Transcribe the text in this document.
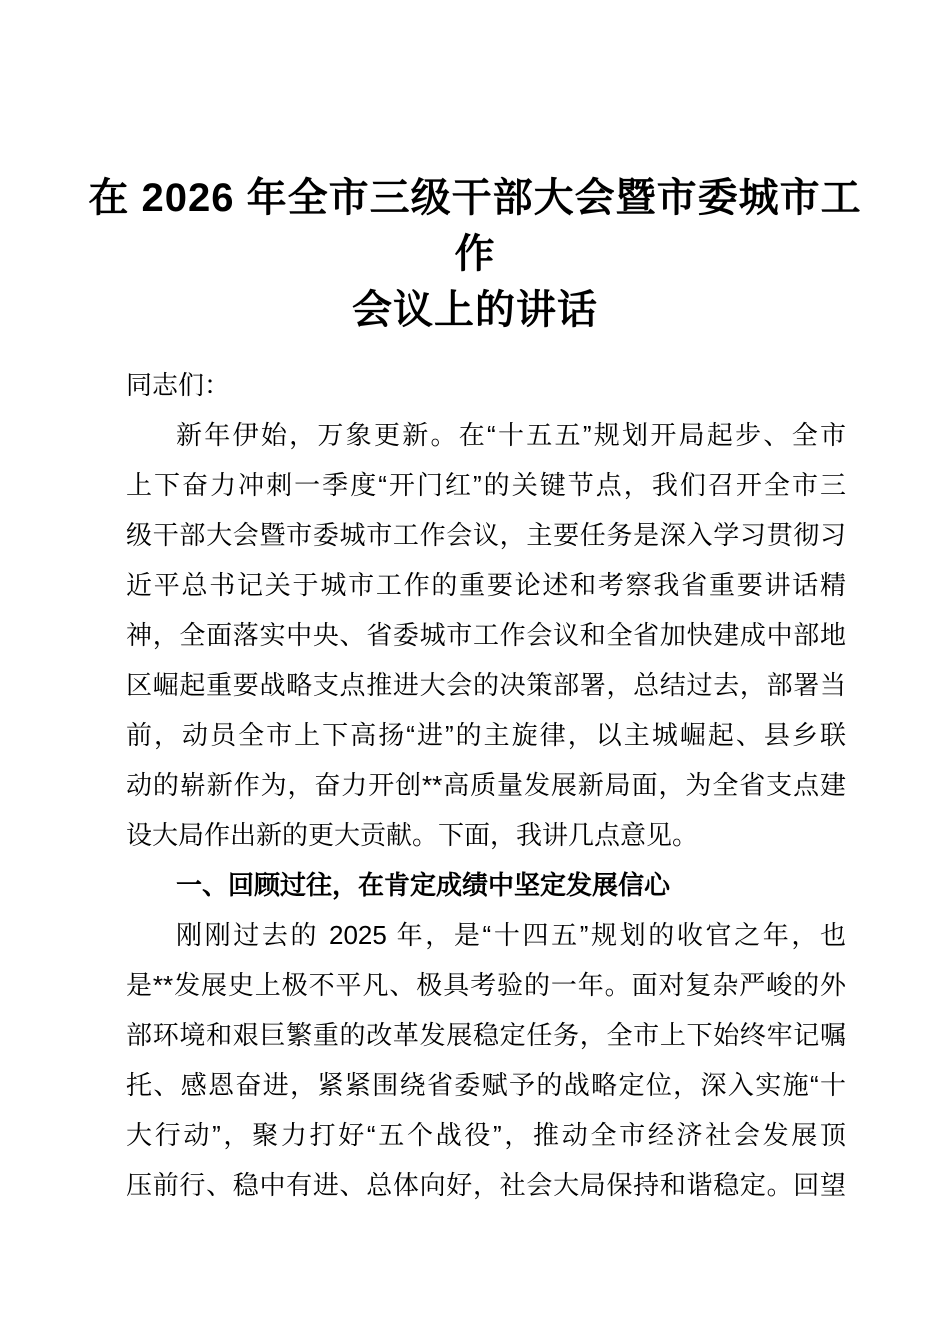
在 2026 年全市三级干部大会暨市委城市工作
会议上的讲话
同志们：
新年伊始，万象更新。在“十五五”规划开局起步、全市
上下奋力冲刺一季度“开门红”的关键节点，我们召开全市三
级干部大会暨市委城市工作会议，主要任务是深入学习贯彻习
近平总书记关于城市工作的重要论述和考察我省重要讲话精
神，全面落实中央、省委城市工作会议和全省加快建成中部地
区崛起重要战略支点推进大会的决策部署，总结过去，部署当
前，动员全市上下高扬“进”的主旋律，以主城崛起、县乡联
动的崭新作为，奋力开创**高质量发展新局面，为全省支点建
设大局作出新的更大贡献。下面，我讲几点意见。
一、回顾过往，在肯定成绩中坚定发展信心
刚刚过去的 2025 年，是“十四五”规划的收官之年，也
是**发展史上极不平凡、极具考验的一年。面对复杂严峻的外
部环境和艰巨繁重的改革发展稳定任务，全市上下始终牢记嘱
托、感恩奋进，紧紧围绕省委赋予的战略定位，深入实施“十
大行动”，聚力打好“五个战役”，推动全市经济社会发展顶
压前行、稳中有进、总体向好，社会大局保持和谐稳定。回望
